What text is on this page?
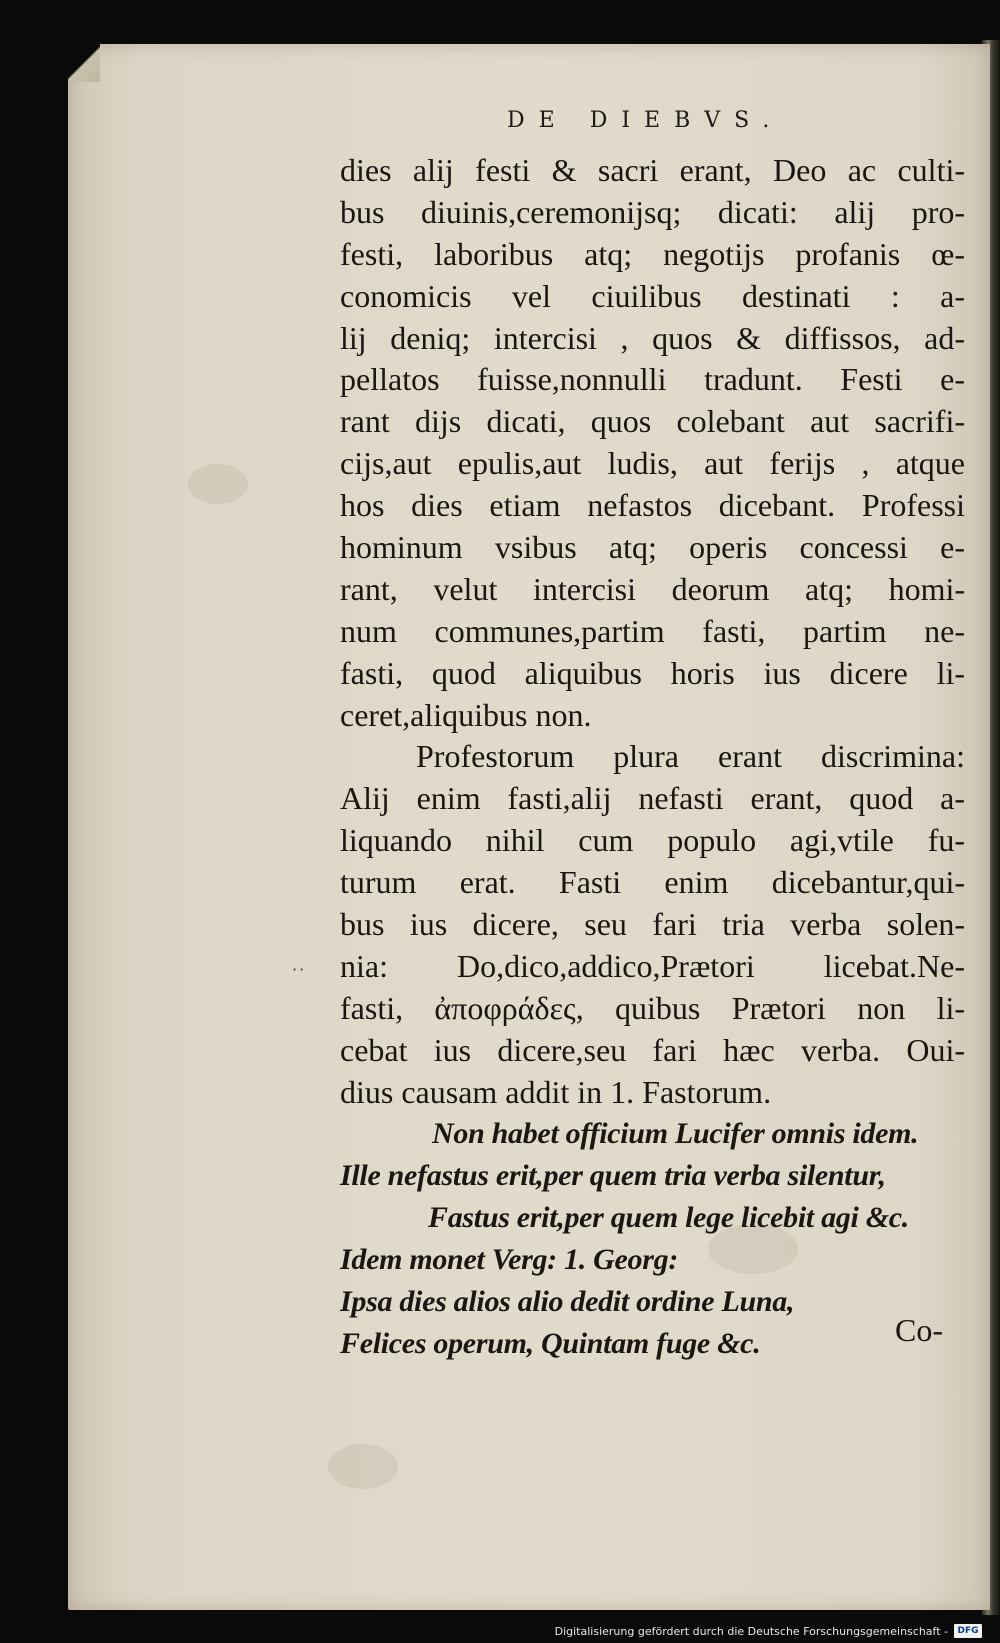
DE DIEBVS.
··
dies alij festi & sacri erant, Deo ac culti-
bus diuinis,ceremonijsq; dicati: alij pro-
festi, laboribus atq; negotijs profanis œ-
conomicis vel ciuilibus destinati : a-
lij deniq; intercisi , quos & diffissos, ad-
pellatos fuisse,nonnulli tradunt. Festi e-
rant dijs dicati, quos colebant aut sacrifi-
cijs,aut epulis,aut ludis, aut ferijs , atque
hos dies etiam nefastos dicebant. Professi
hominum vsibus atq; operis concessi e-
rant, velut intercisi deorum atq; homi-
num communes,partim fasti, partim ne-
fasti, quod aliquibus horis ius dicere li-
ceret,aliquibus non.
Profestorum plura erant discrimina:
Alij enim fasti,alij nefasti erant, quod a-
liquando nihil cum populo agi,vtile fu-
turum erat. Fasti enim dicebantur,qui-
bus ius dicere, seu fari tria verba solen-
nia: Do,dico,addico,Prætori licebat.Ne-
fasti, ἀποφράδες, quibus Prætori non li-
cebat ius dicere,seu fari hæc verba. Oui-
dius causam addit in 1. Fastorum.
Non habet officium Lucifer omnis idem.
Ille nefastus erit,per quem tria verba silentur,
Fastus erit,per quem lege licebit agi &c.
Idem monet Verg: 1. Georg:
Ipsa dies alios alio dedit ordine Luna,
Felices operum, Quintam fuge &c.	Co-
Digitalisierung gefördert durch die Deutsche Forschungsgemeinschaft -	DFG
